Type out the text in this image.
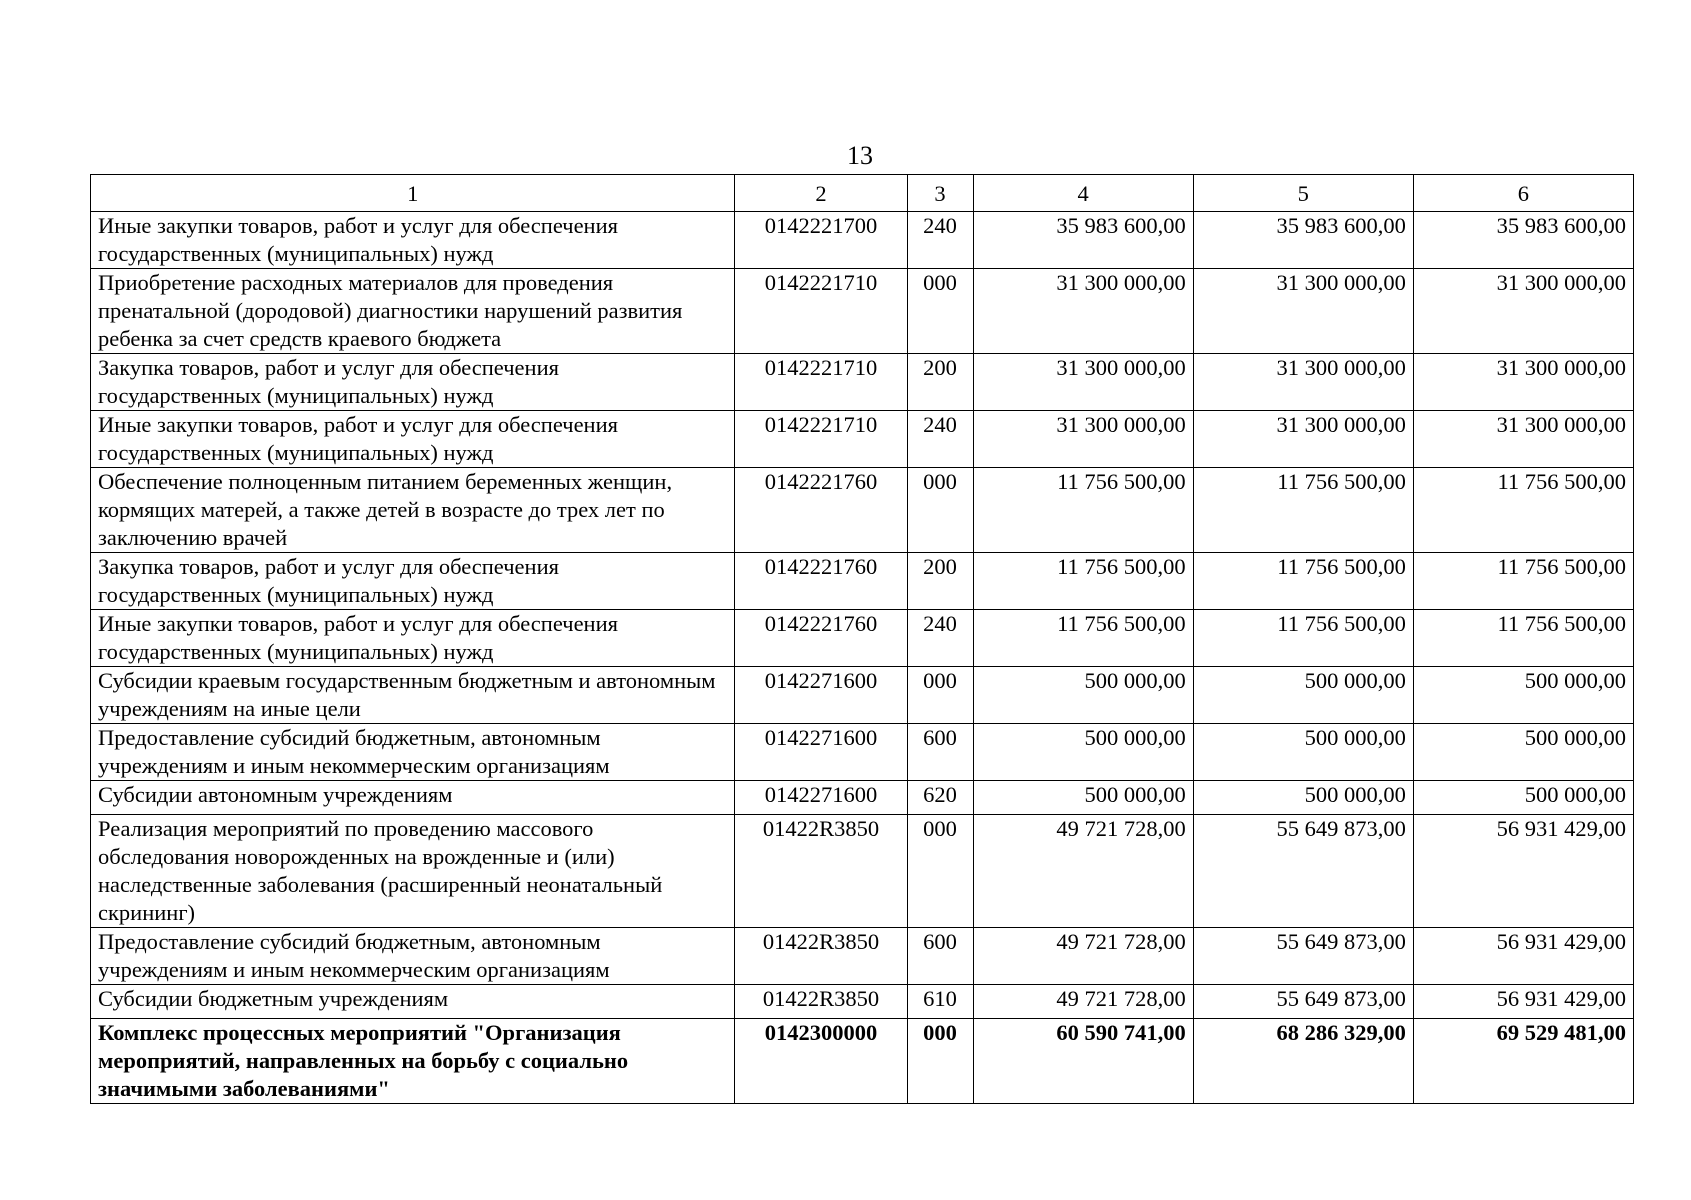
13
1	2	3	4	5	6
Иные закупки товаров, работ и услуг для обеспечения государственных (муниципальных) нужд	0142221700	240	35 983 600,00	35 983 600,00	35 983 600,00
Приобретение расходных материалов для проведения пренатальной (дородовой) диагностики нарушений развития ребенка за счет средств краевого бюджета	0142221710	000	31 300 000,00	31 300 000,00	31 300 000,00
Закупка товаров, работ и услуг для обеспечения государственных (муниципальных) нужд	0142221710	200	31 300 000,00	31 300 000,00	31 300 000,00
Иные закупки товаров, работ и услуг для обеспечения государственных (муниципальных) нужд	0142221710	240	31 300 000,00	31 300 000,00	31 300 000,00
Обеспечение полноценным питанием беременных женщин, кормящих матерей, а также детей в возрасте до трех лет по заключению врачей	0142221760	000	11 756 500,00	11 756 500,00	11 756 500,00
Закупка товаров, работ и услуг для обеспечения государственных (муниципальных) нужд	0142221760	200	11 756 500,00	11 756 500,00	11 756 500,00
Иные закупки товаров, работ и услуг для обеспечения государственных (муниципальных) нужд	0142221760	240	11 756 500,00	11 756 500,00	11 756 500,00
Субсидии краевым государственным бюджетным и автономным учреждениям на иные цели	0142271600	000	500 000,00	500 000,00	500 000,00
Предоставление субсидий бюджетным, автономным учреждениям и иным некоммерческим организациям	0142271600	600	500 000,00	500 000,00	500 000,00
Субсидии автономным учреждениям	0142271600	620	500 000,00	500 000,00	500 000,00
Реализация мероприятий по проведению массового обследования новорожденных на врожденные и (или) наследственные заболевания (расширенный неонатальный скрининг)	01422R3850	000	49 721 728,00	55 649 873,00	56 931 429,00
Предоставление субсидий бюджетным, автономным учреждениям и иным некоммерческим организациям	01422R3850	600	49 721 728,00	55 649 873,00	56 931 429,00
Субсидии бюджетным учреждениям	01422R3850	610	49 721 728,00	55 649 873,00	56 931 429,00
Комплекс процессных мероприятий "Организация мероприятий, направленных на борьбу с социально значимыми заболеваниями"	0142300000	000	60 590 741,00	68 286 329,00	69 529 481,00
